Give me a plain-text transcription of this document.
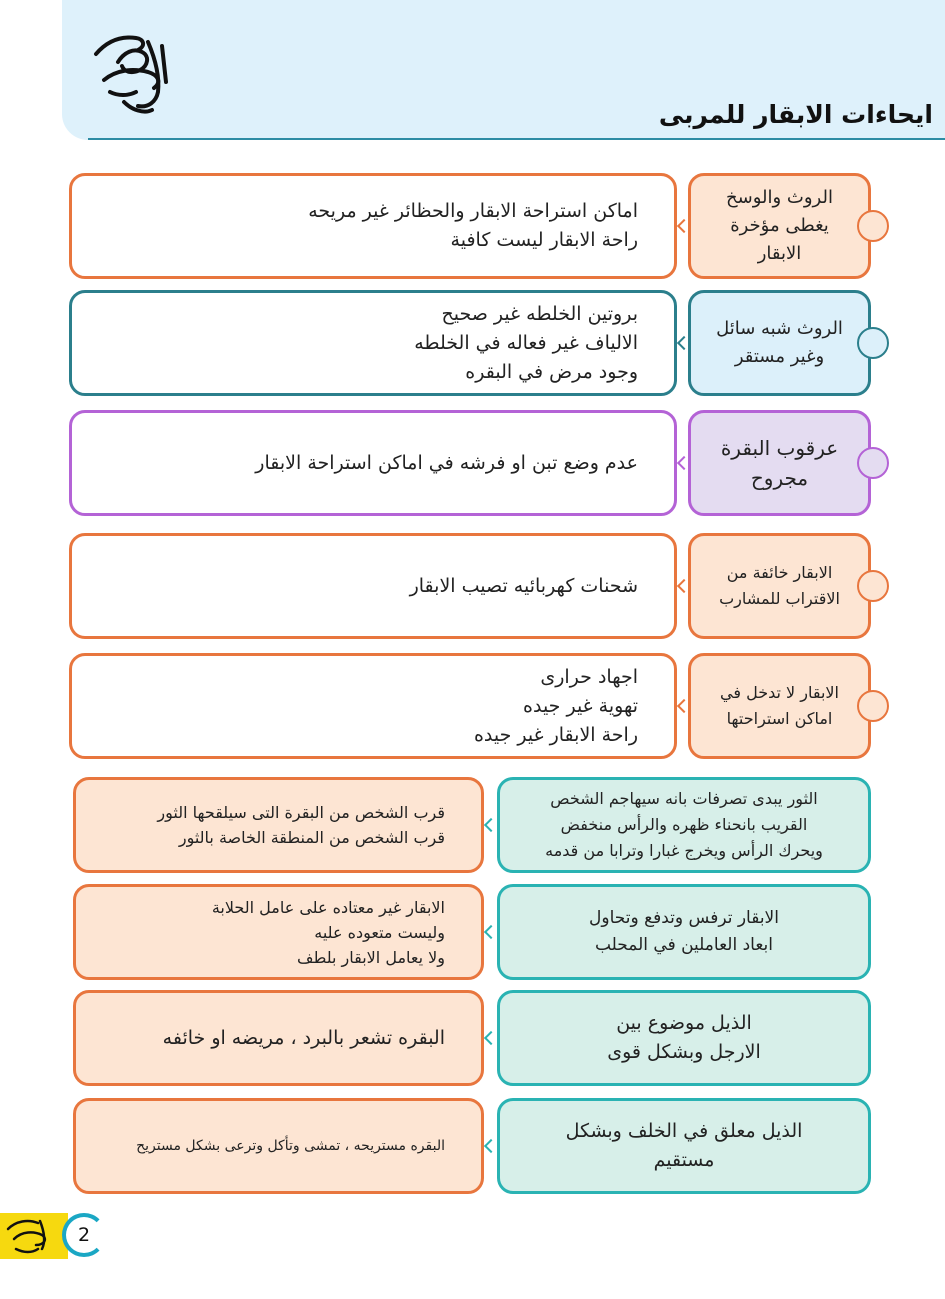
ايحاءات الابقار للمربى
اماكن استراحة الابقار والحظائر غير مريحه
راحة الابقار ليست كافية
الروث والوسخ
يغطى مؤخرة
الابقار
بروتين الخلطه غير صحيح
الالياف غير فعاله في الخلطه
وجود مرض في البقره
الروث شبه سائل
وغير مستقر
عدم وضع تبن او فرشه في اماكن استراحة الابقار
عرقوب البقرة
مجروح
شحنات كهربائيه تصيب الابقار
الابقار خائفة من
الاقتراب للمشارب
اجهاد حرارى
تهوية غير جيده
راحة الابقار غير جيده
الابقار لا تدخل في
اماكن استراحتها
قرب الشخص من البقرة التى سيلقحها الثور
قرب الشخص من المنطقة الخاصة بالثور
الثور يبدى تصرفات بانه سيهاجم الشخص
القريب بانحناء ظهره والرأس منخفض
ويحرك الرأس ويخرج غبارا وترابا من قدمه
الابقار غير معتاده على عامل الحلابة
وليست متعوده عليه
ولا يعامل الابقار بلطف
الابقار ترفس وتدفع وتحاول
ابعاد العاملين في المحلب
البقره تشعر بالبرد ، مريضه او خائفه
الذيل موضوع بين
الارجل وبشكل قوى
البقره مستريحه ، تمشى وتأكل وترعى بشكل مستريح
الذيل معلق في الخلف وبشكل
مستقيم
2
